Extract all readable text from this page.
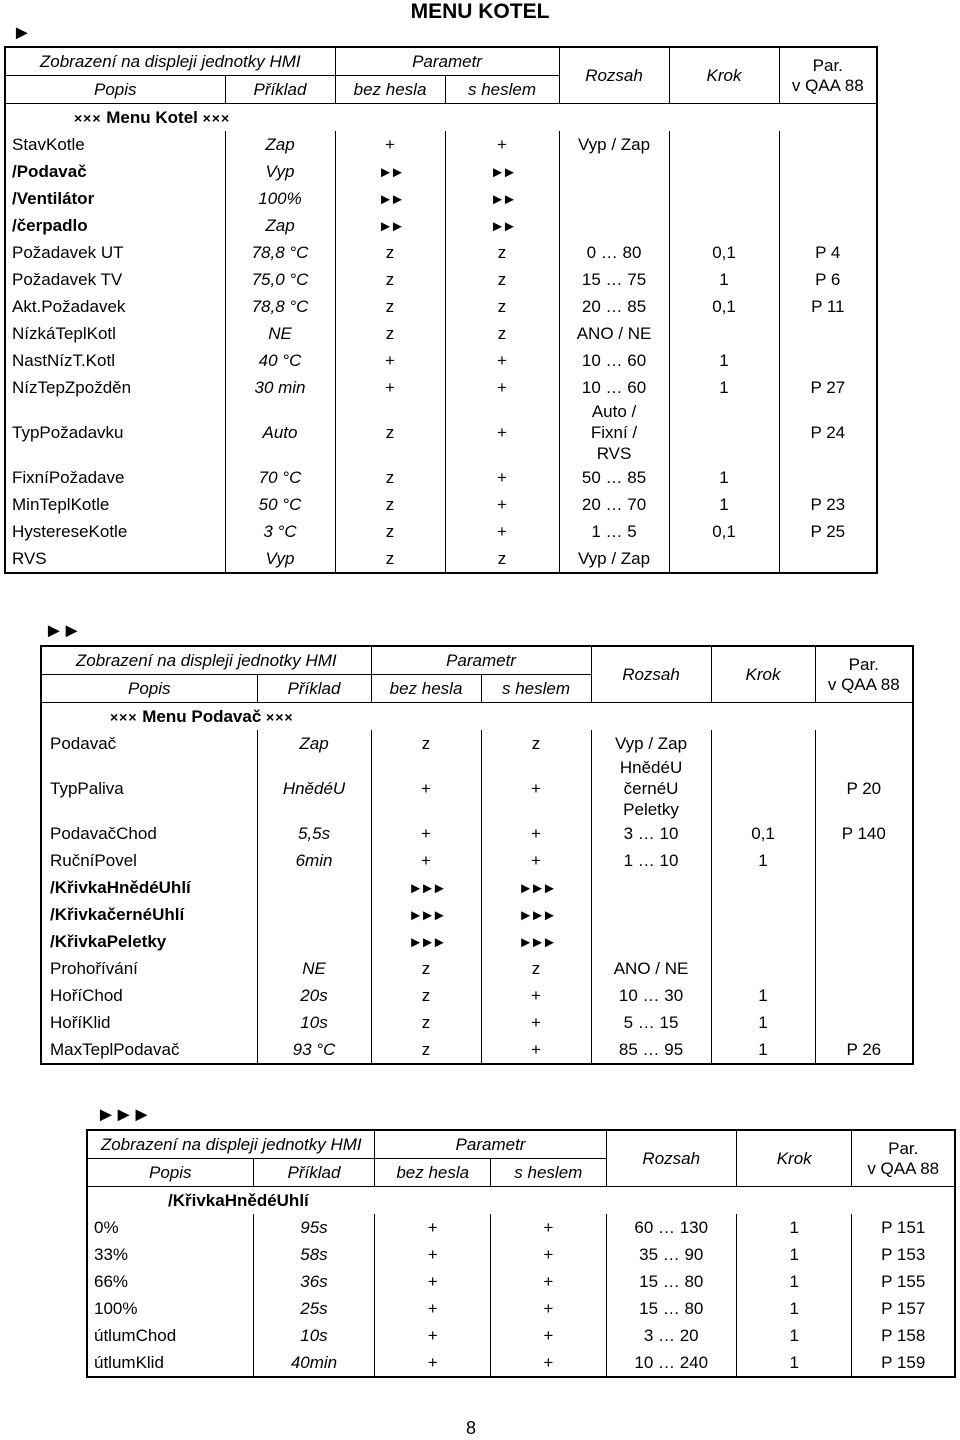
MENU KOTEL
►
►►
►►►
Zobrazení na displeji jednotky HMI		Parametr		Rozsah	Krok	Par.
v QAA 88

Popis	Příklad	bez hesla	s heslem			
××× Menu Kotel ×××						
StavKotle	Zap	+	+	Vyp / Zap		
/Podavač	Vyp	►►	►►			
/Ventilátor	100%	►►	►►			
/čerpadlo	Zap	►►	►►			
Požadavek UT	78,8 °C	z	z	0 … 80	0,1	P 4
Požadavek TV	75,0 °C	z	z	15 … 75	1	P 6
Akt.Požadavek	78,8 °C	z	z	20 … 85	0,1	P 11
NízkáTeplKotl	NE	z	z	ANO / NE		
NastNízT.Kotl	40 °C	+	+	10 … 60	1	
NízTepZpožděn	30 min	+	+	10 … 60	1	P 27
TypPožadavku	Auto	z	+	Auto / Fixní / RVS		P 24
FixníPožadave	70 °C	z	+	50 … 85	1	
MinTeplKotle	50 °C	z	+	20 … 70	1	P 23
HystereseKotle	3 °C	z	+	1 … 5	0,1	P 25
RVS	Vyp	z	z	Vyp / Zap		
Zobrazení na displeji jednotky HMI		Parametr		Rozsah	Krok	Par.
v QAA 88

Popis	Příklad	bez hesla	s heslem			
××× Menu Podavač ×××						
Podavač	Zap	z	z	Vyp / Zap		
TypPaliva	HnědéU	+	+	HnědéU černéU Peletky		P 20
PodavačChod	5,5s	+	+	3 … 10	0,1	P 140
RučníPovel	6min	+	+	1 … 10	1	
/KřivkaHnědéUhlí		►►►	►►►			
/KřivkačernéUhlí		►►►	►►►			
/KřivkaPeletky		►►►	►►►			
Prohořívání	NE	z	z	ANO / NE		
HoříChod	20s	z	+	10 … 30	1	
HoříKlid	10s	z	+	5 … 15	1	
MaxTeplPodavač	93 °C	z	+	85 … 95	1	P 26
Zobrazení na displeji jednotky HMI		Parametr		Rozsah	Krok	Par.
v QAA 88

Popis	Příklad	bez hesla	s heslem			
/KřivkaHnědéUhlí						
0%	95s	+	+	60 … 130	1	P 151
33%	58s	+	+	35 … 90	1	P 153
66%	36s	+	+	15 … 80	1	P 155
100%	25s	+	+	15 … 80	1	P 157
útlumChod	10s	+	+	3 … 20	1	P 158
útlumKlid	40min	+	+	10 … 240	1	P 159
8
